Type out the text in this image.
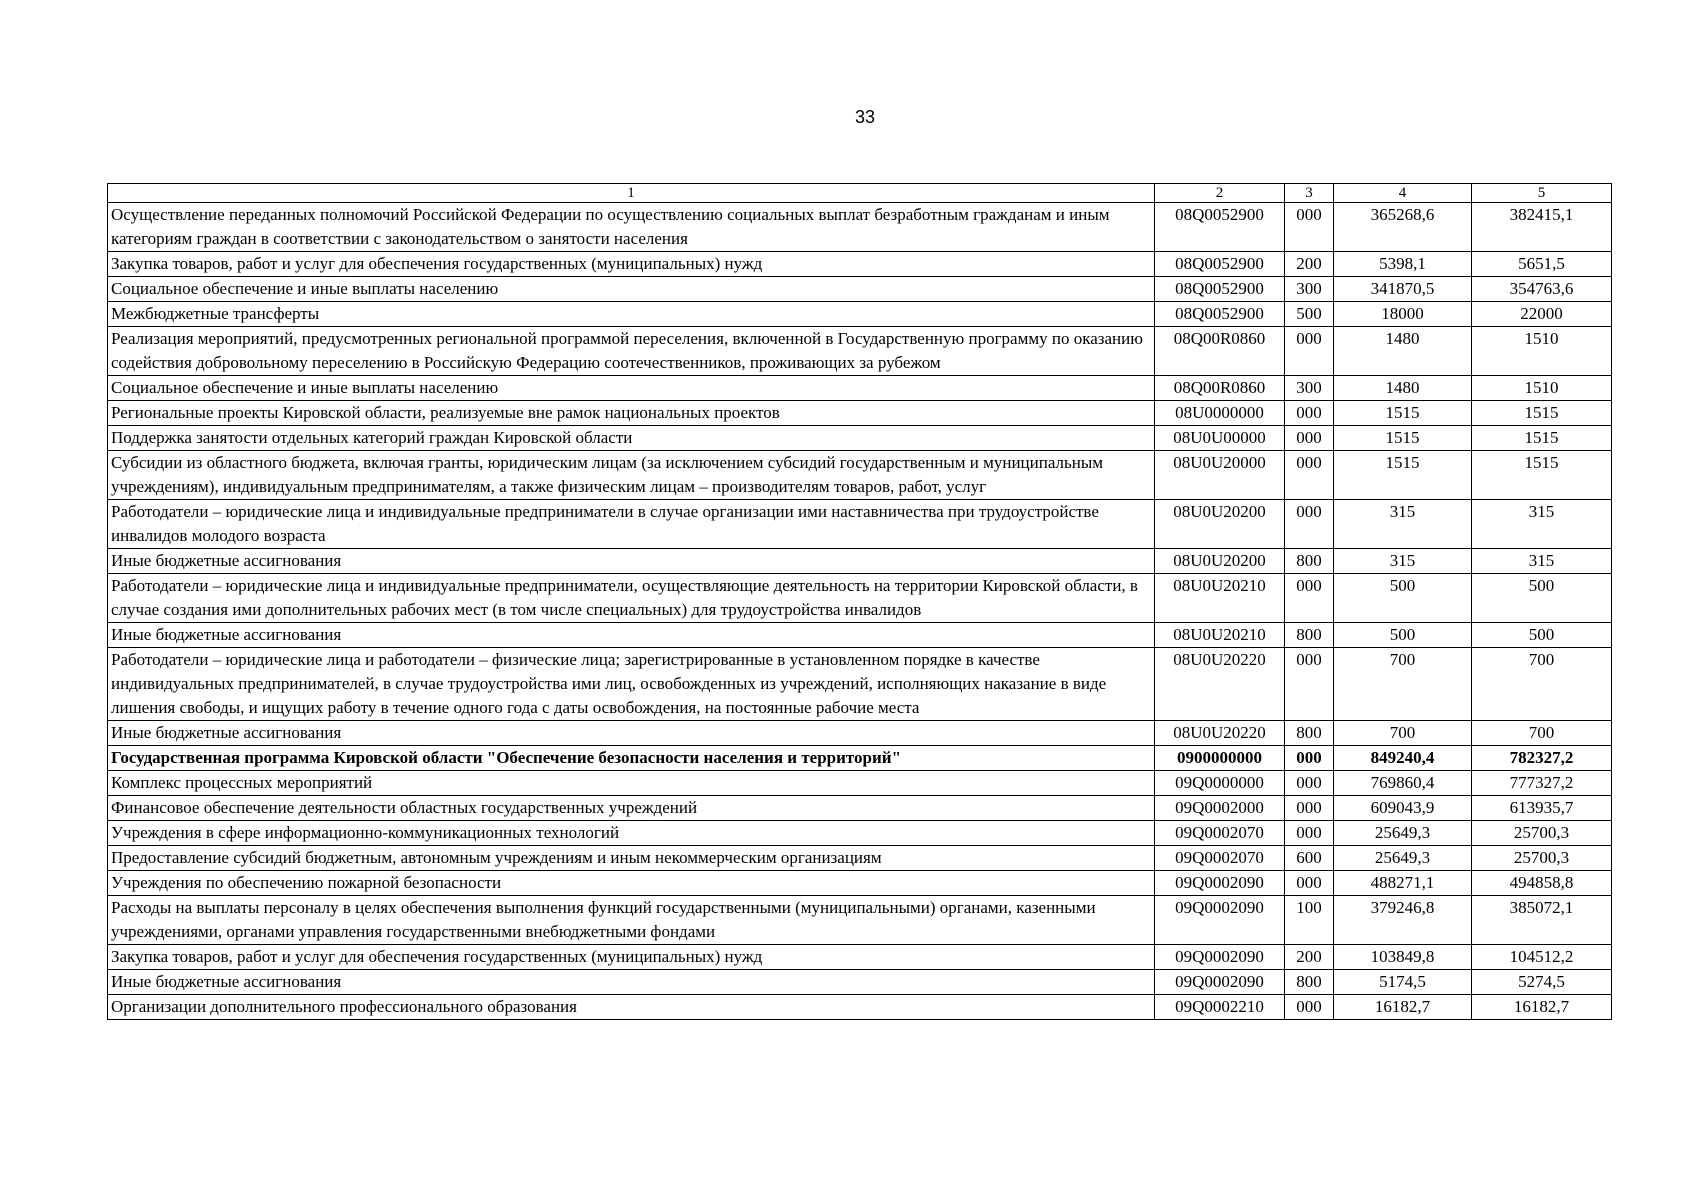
33
1	2	3	4	5
Осуществление переданных полномочий Российской Федерации по осуществлению социальных выплат безработным гражданам и иным категориям граждан в соответствии с законодательством о занятости населения	08Q0052900	000	365268,6	382415,1
Закупка товаров, работ и услуг для обеспечения государственных (муниципальных) нужд	08Q0052900	200	5398,1	5651,5
Социальное обеспечение и иные выплаты населению	08Q0052900	300	341870,5	354763,6
Межбюджетные трансферты	08Q0052900	500	18000	22000
Реализация мероприятий, предусмотренных региональной программой переселения, включенной в Государственную программу по оказанию содействия добровольному переселению в Российскую Федерацию соотечественников, проживающих за рубежом	08Q00R0860	000	1480	1510
Социальное обеспечение и иные выплаты населению	08Q00R0860	300	1480	1510
Региональные проекты Кировской области, реализуемые вне рамок национальных проектов	08U0000000	000	1515	1515
Поддержка занятости отдельных категорий граждан Кировской области	08U0U00000	000	1515	1515
Субсидии из областного бюджета, включая гранты, юридическим лицам (за исключением субсидий государственным и муниципальным учреждениям), индивидуальным предпринимателям, а также физическим лицам – производителям товаров, работ, услуг	08U0U20000	000	1515	1515
Работодатели – юридические лица и индивидуальные предприниматели в случае организации ими наставничества при трудоустройстве инвалидов молодого возраста	08U0U20200	000	315	315
Иные бюджетные ассигнования	08U0U20200	800	315	315
Работодатели – юридические лица и индивидуальные предприниматели, осуществляющие деятельность на территории Кировской области, в случае создания ими дополнительных рабочих мест (в том числе специальных) для трудоустройства инвалидов	08U0U20210	000	500	500
Иные бюджетные ассигнования	08U0U20210	800	500	500
Работодатели – юридические лица и работодатели – физические лица; зарегистрированные в установленном порядке в качестве индивидуальных предпринимателей, в случае трудоустройства ими лиц, освобожденных из учреждений, исполняющих наказание в виде лишения свободы, и ищущих работу в течение одного года с даты освобождения, на постоянные рабочие места	08U0U20220	000	700	700
Иные бюджетные ассигнования	08U0U20220	800	700	700
Государственная программа Кировской области "Обеспечение безопасности населения и территорий"	0900000000	000	849240,4	782327,2
Комплекс процессных мероприятий	09Q0000000	000	769860,4	777327,2
Финансовое обеспечение деятельности областных государственных учреждений	09Q0002000	000	609043,9	613935,7
Учреждения в сфере информационно-коммуникационных технологий	09Q0002070	000	25649,3	25700,3
Предоставление субсидий бюджетным, автономным учреждениям и иным некоммерческим организациям	09Q0002070	600	25649,3	25700,3
Учреждения по обеспечению пожарной безопасности	09Q0002090	000	488271,1	494858,8
Расходы на выплаты персоналу в целях обеспечения выполнения функций государственными (муниципальными) органами, казенными учреждениями, органами управления государственными внебюджетными фондами	09Q0002090	100	379246,8	385072,1
Закупка товаров, работ и услуг для обеспечения государственных (муниципальных) нужд	09Q0002090	200	103849,8	104512,2
Иные бюджетные ассигнования	09Q0002090	800	5174,5	5274,5
Организации дополнительного профессионального образования	09Q0002210	000	16182,7	16182,7
